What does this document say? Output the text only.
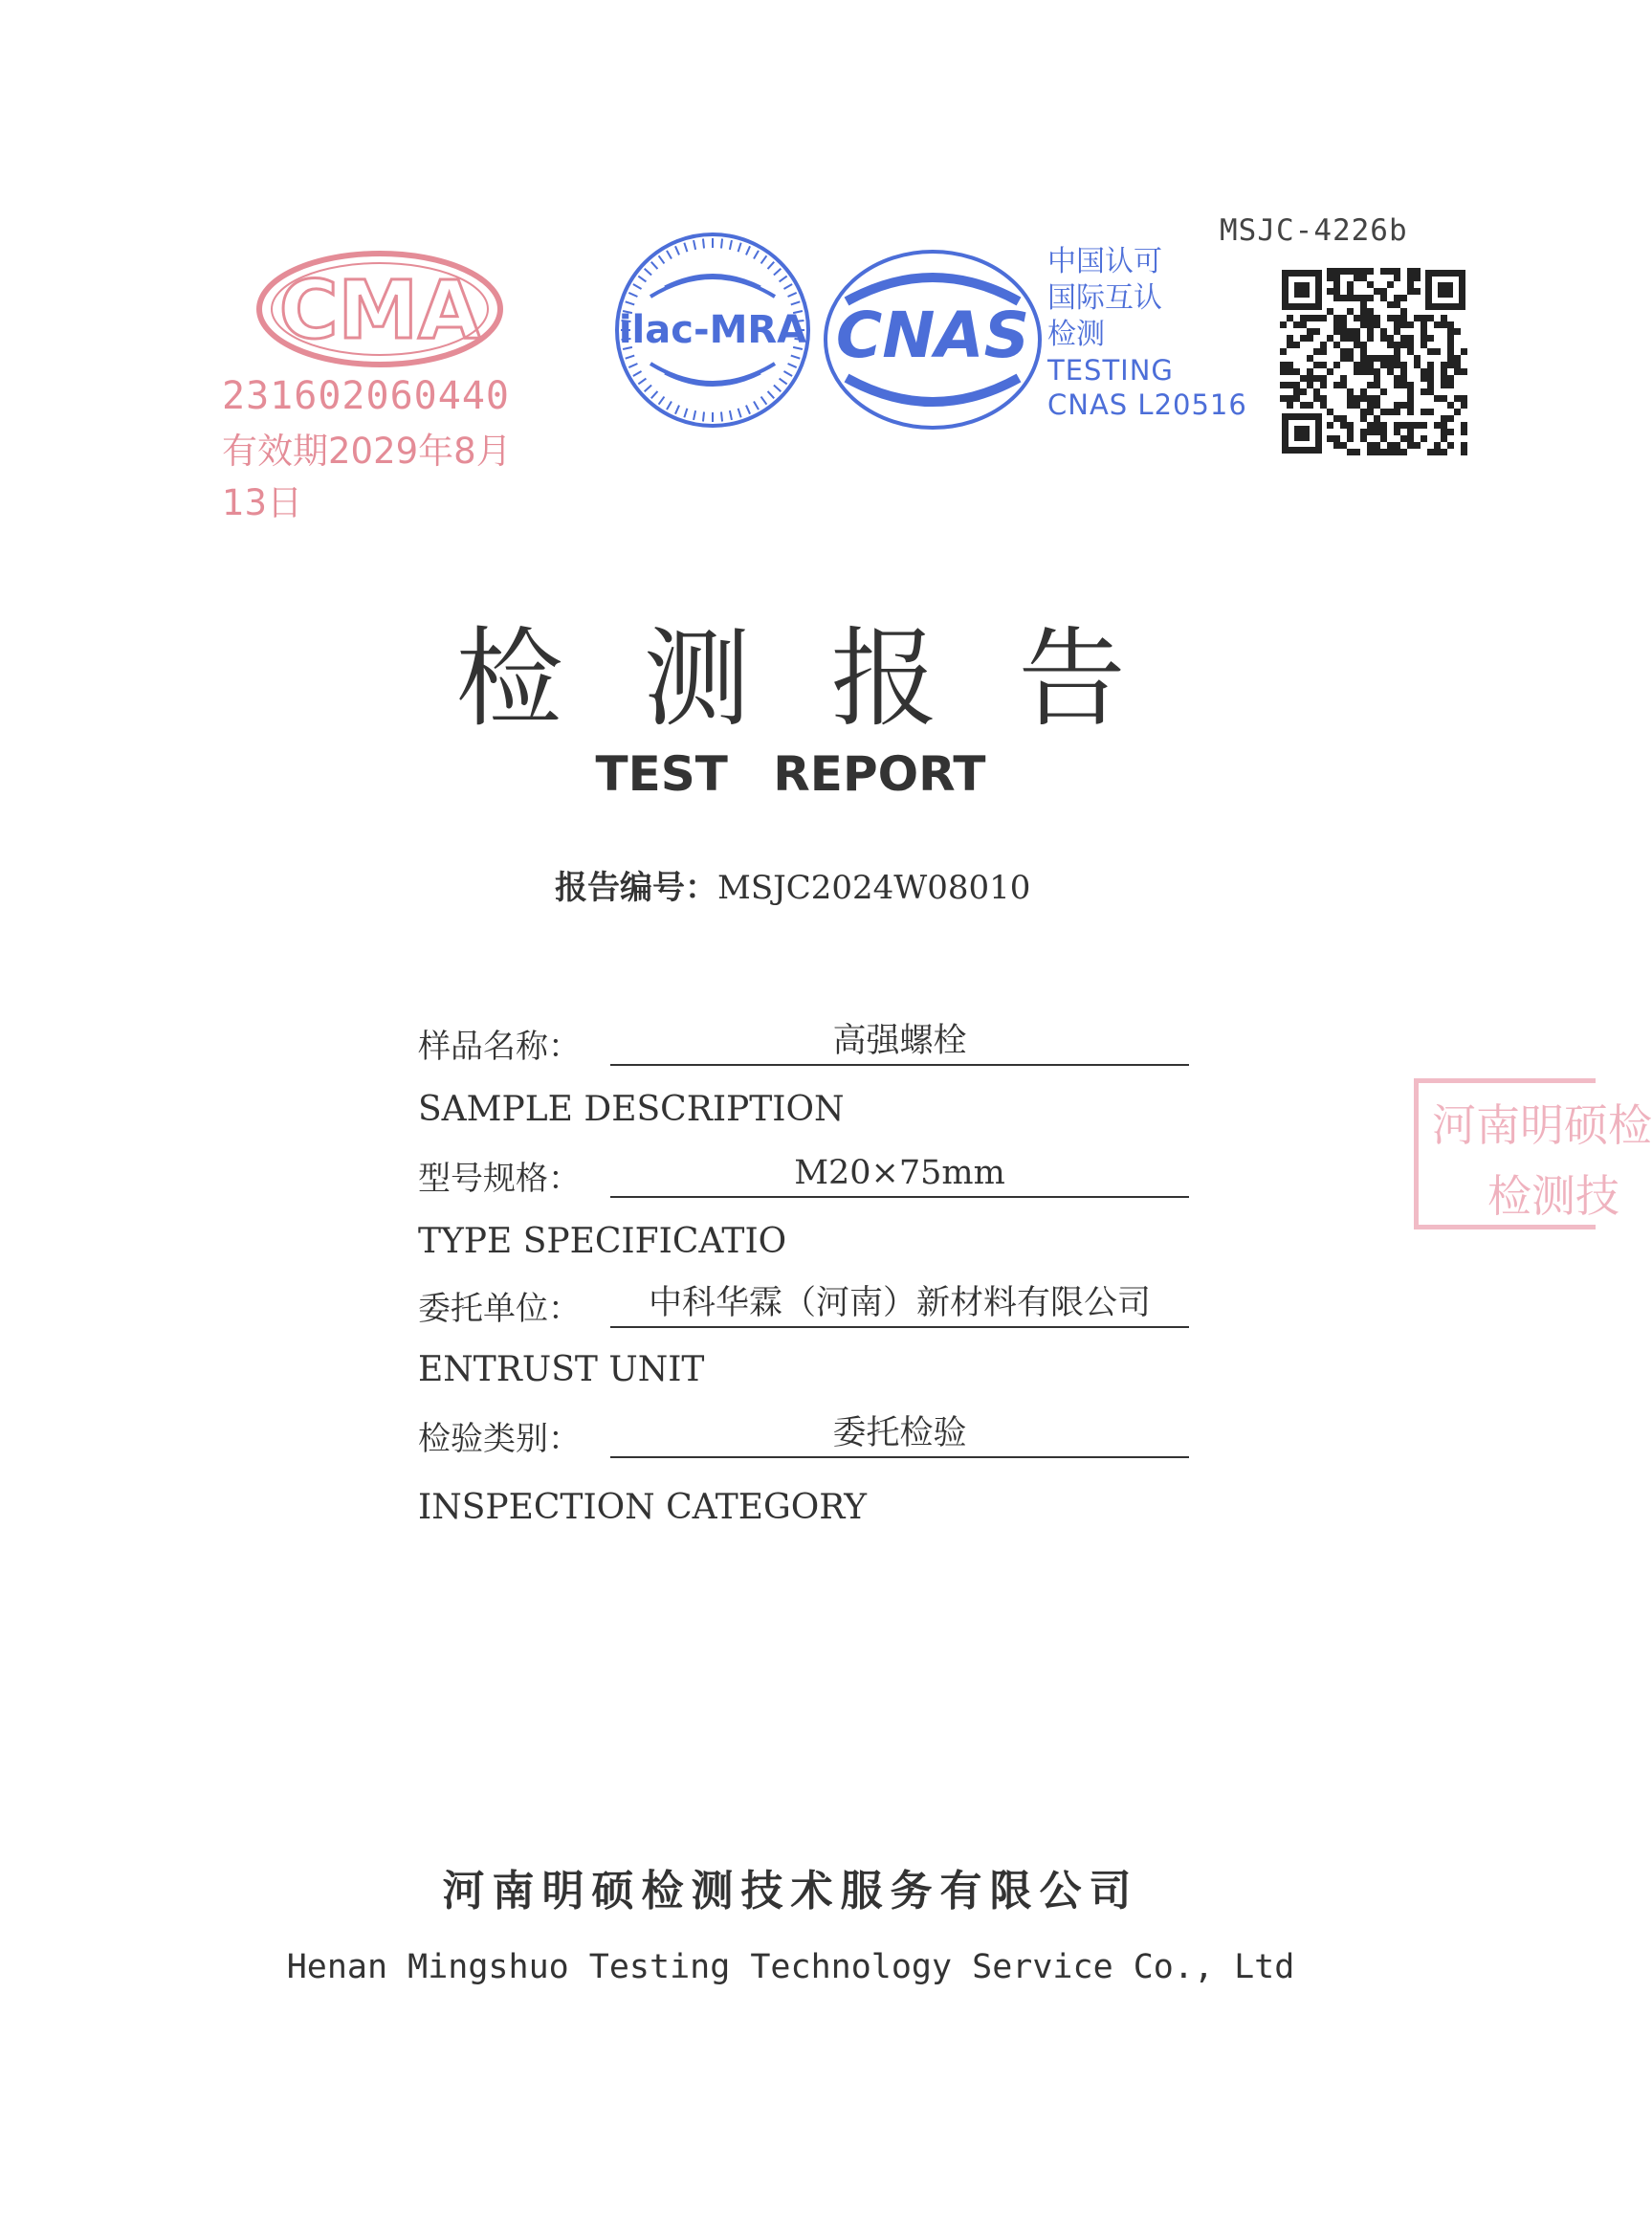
CMA
231602060440
有效期2029年8月13日
ilac-MRA CNAS
中国认可
国际互认
检测
TESTING
CNAS L20516
MSJC-4226b
检测报告
TEST REPORT
报告编号：MSJC2024W08010
样品名称：	高强螺栓
SAMPLE DESCRIPTION
型号规格：	M20×75mm
TYPE SPECIFICATIO
委托单位：	中科华霖（河南）新材料有限公司
ENTRUST UNIT
检验类别：	委托检验
INSPECTION CATEGORY
河南明硕检
检测技
河南明硕检测技术服务有限公司
Henan Mingshuo Testing Technology Service Co., Ltd
